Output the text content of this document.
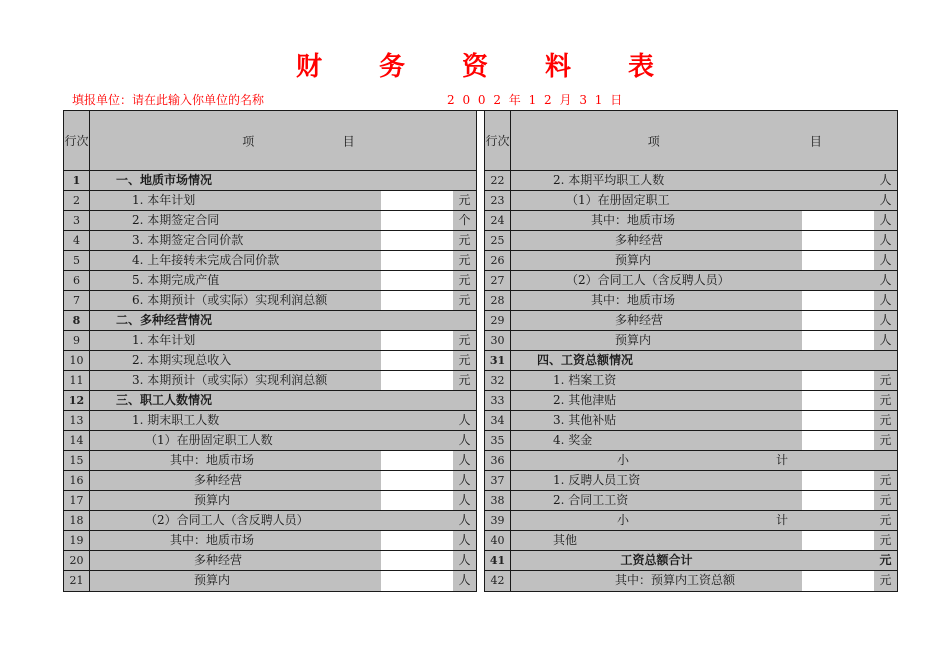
财务资料表
填报单位：请在此输入你单位的名称	2 0 0 2 年 1 2 月 3 1 日
行次	项	目
1	一、地质市场情况
2	1. 本年计划	元
3	2. 本期签定合同	个
4	3. 本期签定合同价款	元
5	4. 上年接转未完成合同价款	元
6	5. 本期完成产值	元
7	6. 本期预计（或实际）实现利润总额	元
8	二、多种经营情况
9	1. 本年计划	元
10	2. 本期实现总收入	元
11	3. 本期预计（或实际）实现利润总额	元
12	三、职工人数情况
13	1. 期末职工人数	人
14	（1）在册固定职工人数	人
15	其中：地质市场	人
16	多种经营	人
17	预算内	人
18	（2）合同工人（含反聘人员）	人
19	其中：地质市场	人
20	多种经营	人
21	预算内	人
行次	项	目
22	2. 本期平均职工人数	人
23	（1）在册固定职工	人
24	其中：地质市场	人
25	多种经营	人
26	预算内	人
27	（2）合同工人（含反聘人员）	人
28	其中：地质市场	人
29	多种经营	人
30	预算内	人
31	四、工资总额情况
32	1. 档案工资	元
33	2. 其他津贴	元
34	3. 其他补贴	元
35	4. 奖金	元
36	小	计
37	1. 反聘人员工资	元
38	2. 合同工工资	元
39	小	计	元
40	其他	元
41	工资总额合计	元
42	其中：预算内工资总额	元
